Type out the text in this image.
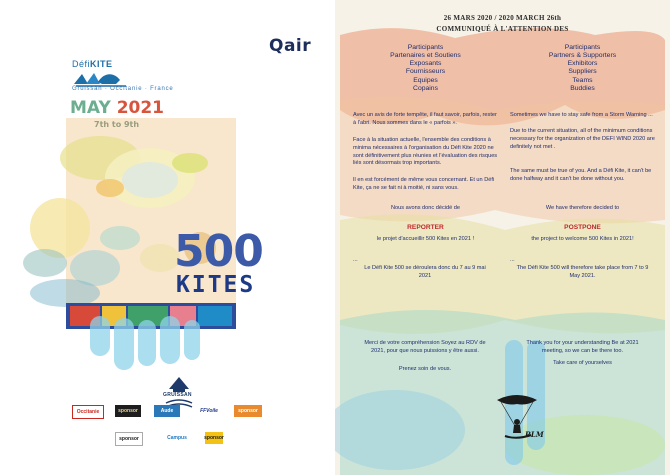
Qair
DéfiKITE
Gruissan · Occitanie · France
MAY 2021
500
KITES
GRUISSAN
Occitanie	sponsor	Aude	FFVoile	sponsor
sponsor	Campus	sponsor
26 MARS 2020 / 2020 MARCH 26th
COMMUNIQUÉ À L'ATTENTION DES
Participants
Partenaires et Soutiens
Exposants
Fournisseurs
Equipes
Copains
Participants
Partners & Supporters
Exhibitors
Suppliers
Teams
Buddies
Avec un avis de forte tempête, il faut savoir, parfois, rester à l'abri. Nous sommes dans le « parfois ».
Face à la situation actuelle, l'ensemble des conditions à minima nécessaires à l'organisation du Défi Kite 2020 ne sont définitivement plus réunies et l'évaluation des risques liés sont désormais trop importants.
Il en est forcément de même vous concernant. Et un Défi Kite, ça ne se fait ni à moitié, ni sans vous.
Sometimes we have to stay safe from a Storm Warning ...
Due to the current situation, all of the minimum conditions necessary for the organization of the DEFI WIND 2020 are definitely not met .
The same must be true of you. And a Défi Kite, it can't be done halfway and it can't be done without you.
Nous avons donc décidé de	We have therefore decided to
REPORTER	POSTPONE
le projet d'accueillir 500 Kites en 2021 !	the project to welcome 500 Kites in 2021!
...	...
Le Défi Kite 500 se déroulera donc du 7 au 9 mai 2021
The Défi Kite 500 will therefore take place from 7 to 9 May 2021.
Merci de votre compréhension Soyez au RDV de 2021, pour que nous puissions y être aussi.
Thank you for your understanding Be at 2021 meeting, so we can be there too.
Prenez soin de vous.
Take care of yourselves
BLM
